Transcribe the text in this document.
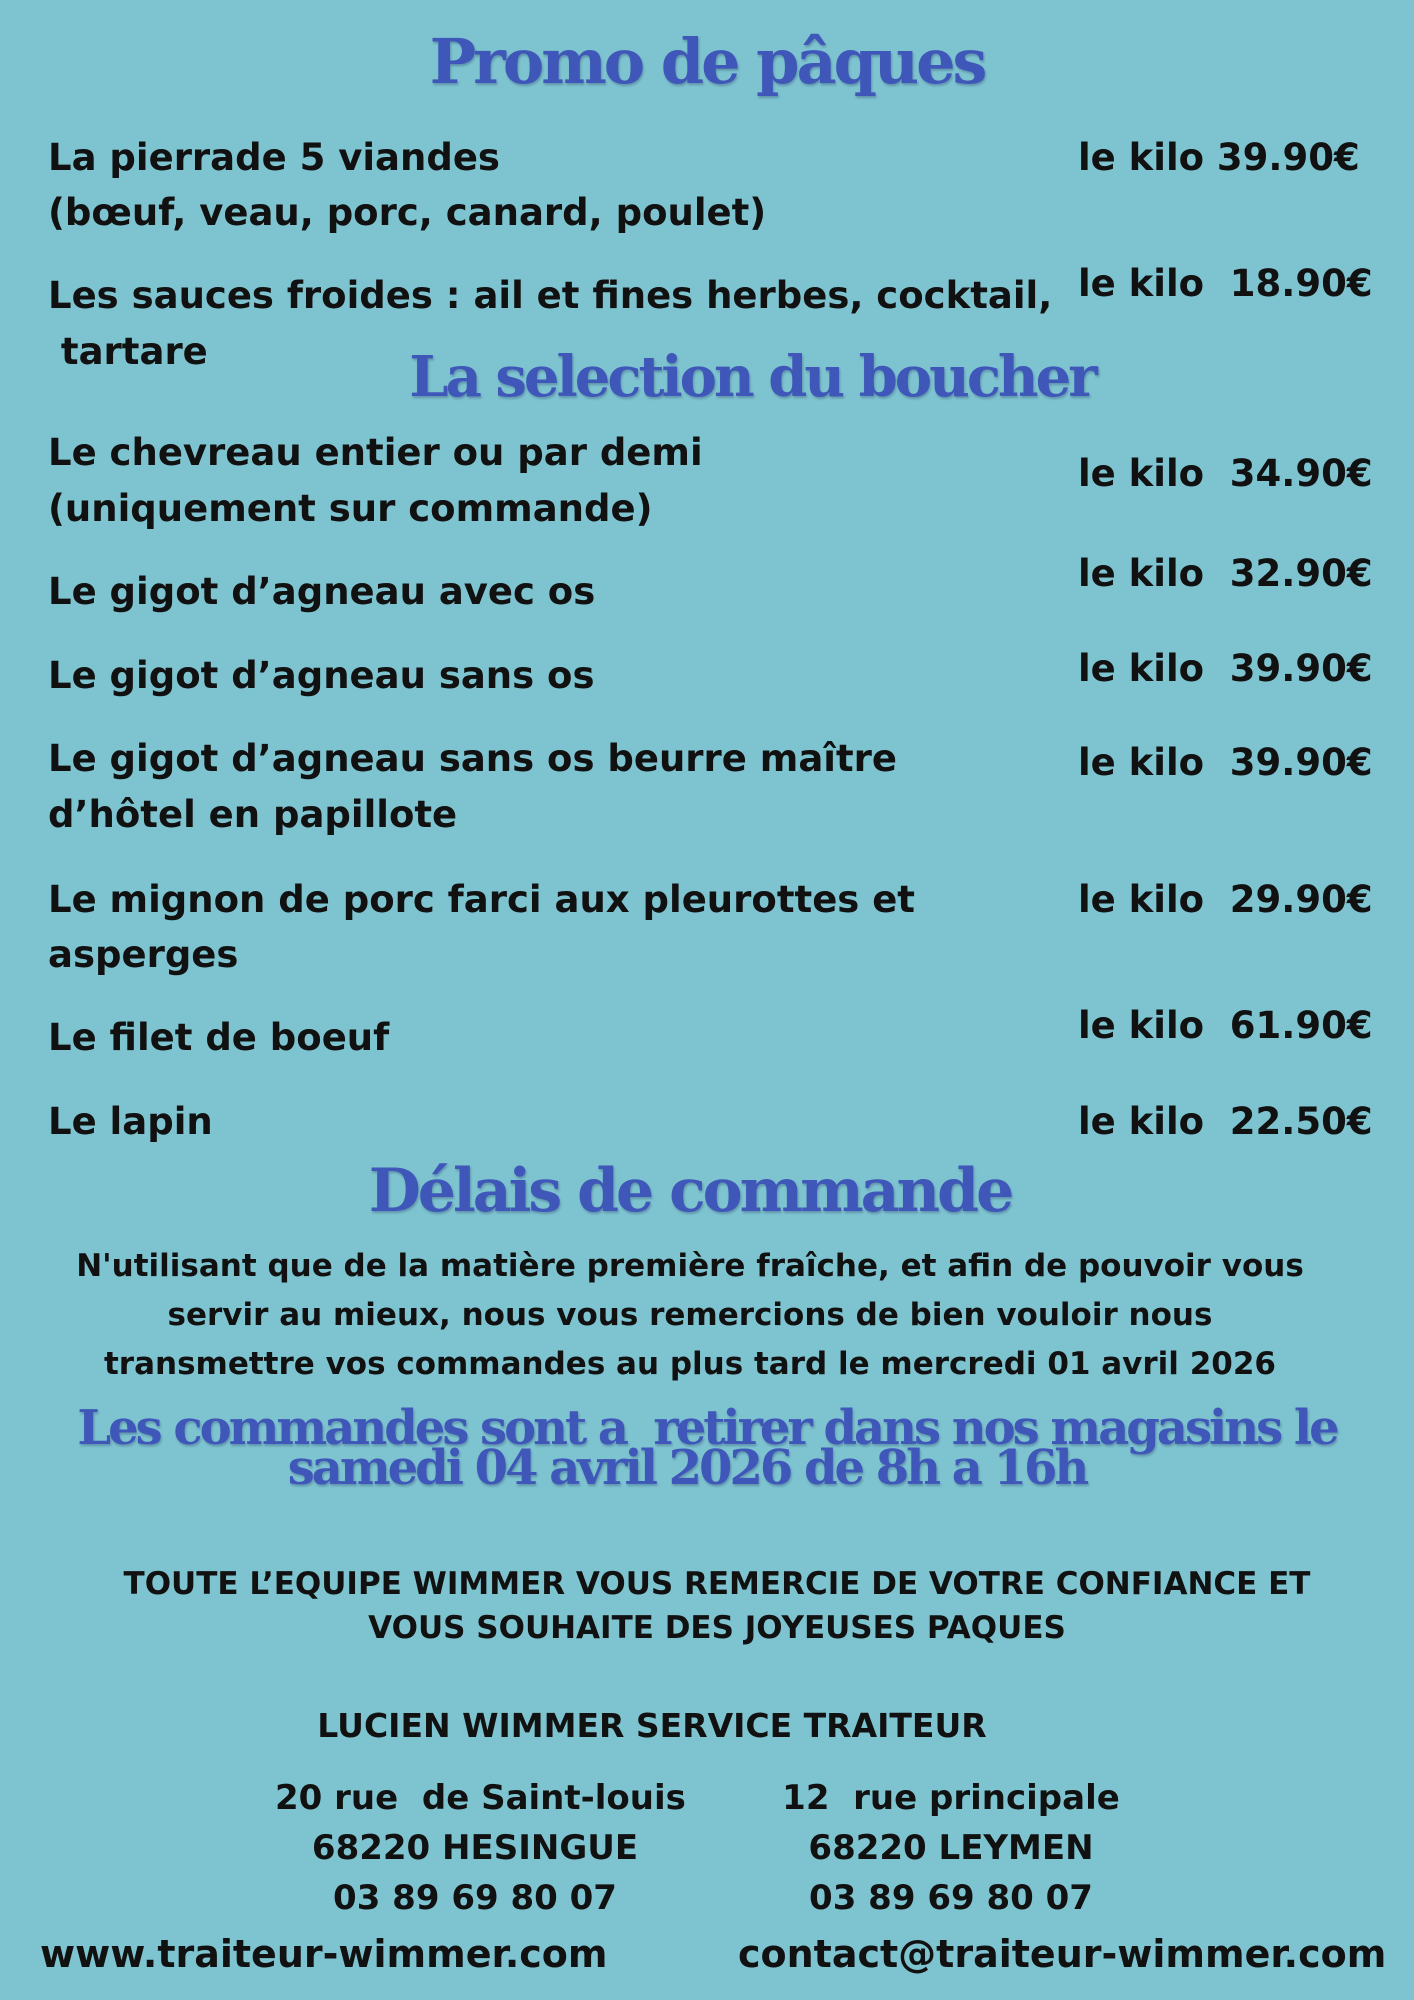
Promo de pâques
La pierrade 5 viandes
(bœuf, veau, porc, canard, poulet)
le kilo 39.90€
Les sauces froides : ail et fines herbes, cocktail,
tartare
le kilo  18.90€
La selection du boucher
Le chevreau entier ou par demi
(uniquement sur commande)
le kilo  34.90€
Le gigot d’agneau avec os	le kilo  32.90€
Le gigot d’agneau sans os	le kilo  39.90€
Le gigot d’agneau sans os beurre maître
d’hôtel en papillote
le kilo  39.90€
Le mignon de porc farci aux pleurottes et
asperges
le kilo  29.90€
Le filet de boeuf	le kilo  61.90€
Le lapin	le kilo  22.50€
Délais de commande
N'utilisant que de la matière première fraîche, et afin de pouvoir vous
servir au mieux, nous vous remercions de bien vouloir nous
transmettre vos commandes au plus tard le mercredi 01 avril 2026
Les commandes sont a  retirer dans nos magasins le
samedi 04 avril 2026 de 8h a 16h
TOUTE L’EQUIPE WIMMER VOUS REMERCIE DE VOTRE CONFIANCE ET
VOUS SOUHAITE DES JOYEUSES PAQUES
LUCIEN WIMMER SERVICE TRAITEUR
20 rue  de Saint-louis
68220 HESINGUE
03 89 69 80 07
12  rue principale
68220 LEYMEN
03 89 69 80 07
www.traiteur-wimmer.com	contact@traiteur-wimmer.com
